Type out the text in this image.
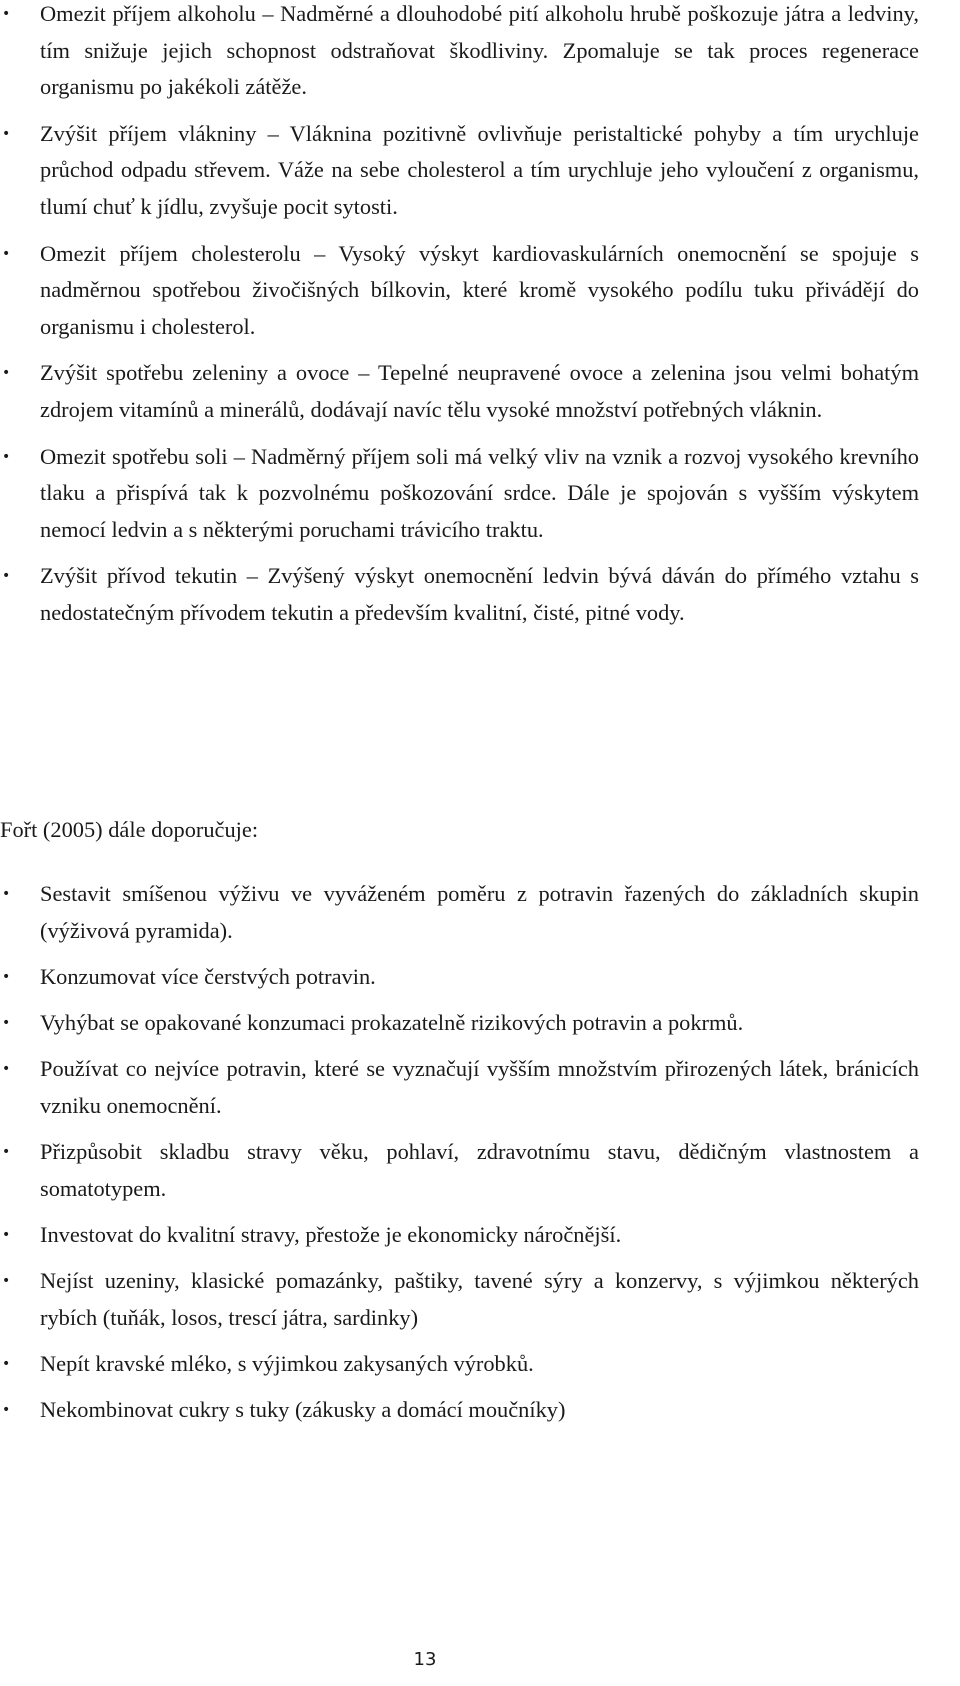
• Omezit příjem alkoholu – Nadměrné a dlouhodobé pití alkoholu hrubě poškozuje játra a ledviny, tím snižuje jejich schopnost odstraňovat škodliviny. Zpomaluje se tak proces regenerace organismu po jakékoli zátěže.
• Zvýšit příjem vlákniny – Vláknina pozitivně ovlivňuje peristaltické pohyby a tím urychluje průchod odpadu střevem. Váže na sebe cholesterol a tím urychluje jeho vyloučení z organismu, tlumí chuť k jídlu, zvyšuje pocit sytosti.
• Omezit příjem cholesterolu – Vysoký výskyt kardiovaskulárních onemocnění se spojuje s nadměrnou spotřebou živočišných bílkovin, které kromě vysokého podílu tuku přivádějí do organismu i cholesterol.
• Zvýšit spotřebu zeleniny a ovoce – Tepelné neupravené ovoce a zelenina jsou velmi bohatým zdrojem vitamínů a minerálů, dodávají navíc tělu vysoké množství potřebných vláknin.
• Omezit spotřebu soli – Nadměrný příjem soli má velký vliv na vznik a rozvoj vysokého krevního tlaku a přispívá tak k pozvolnému poškozování srdce. Dále je spojován s vyšším výskytem nemocí ledvin a s některými poruchami trávicího traktu.
• Zvýšit přívod tekutin – Zvýšený výskyt onemocnění ledvin bývá dáván do přímého vztahu s nedostatečným přívodem tekutin a především kvalitní, čisté, pitné vody.

Fořt (2005) dále doporučuje:

• Sestavit smíšenou výživu ve vyváženém poměru z potravin řazených do základních skupin (výživová pyramida).
• Konzumovat více čerstvých potravin.
• Vyhýbat se opakované konzumaci prokazatelně rizikových potravin a pokrmů.
• Používat co nejvíce potravin, které se vyznačují vyšším množstvím přirozených látek, bránicích vzniku onemocnění.
• Přizpůsobit skladbu stravy věku, pohlaví, zdravotnímu stavu, dědičným vlastnostem a somatotypem.
• Investovat do kvalitní stravy, přestože je ekonomicky náročnější.
• Nejíst uzeniny, klasické pomazánky, paštiky, tavené sýry a konzervy, s výjimkou některých rybích (tuňák, losos, trescí játra, sardinky)
• Nepít kravské mléko, s výjimkou zakysaných výrobků.
• Nekombinovat cukry s tuky (zákusky a domácí moučníky)
13
